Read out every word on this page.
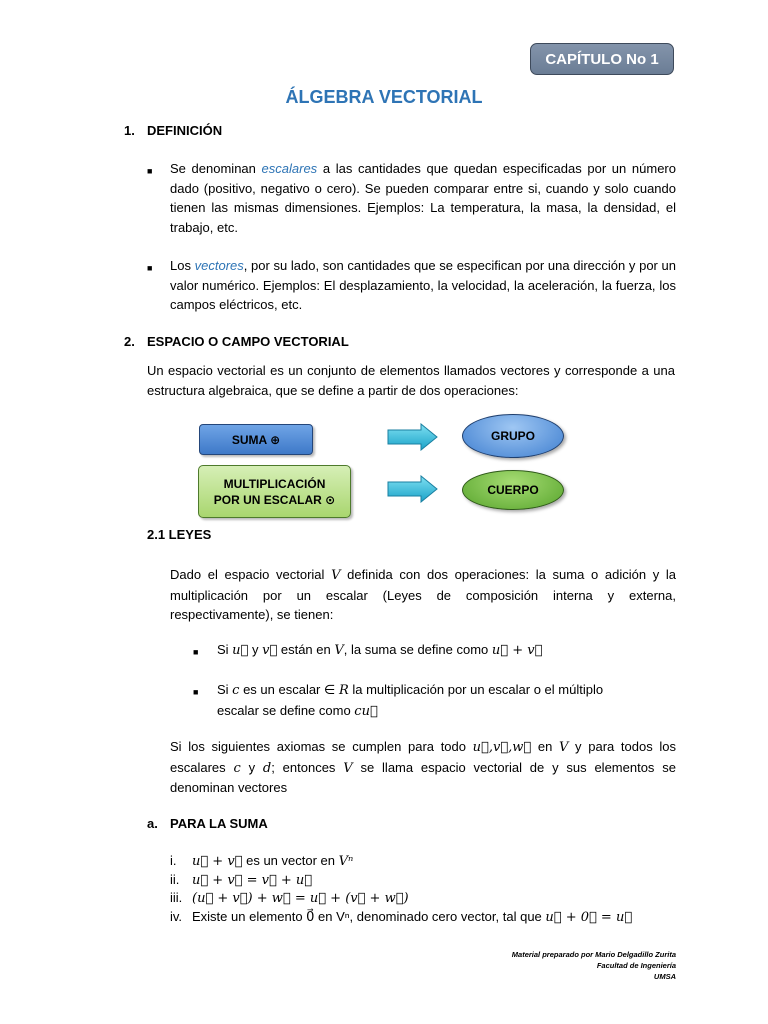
CAPÍTULO No 1
ÁLGEBRA VECTORIAL
1. DEFINICIÓN
■ Se denominan escalares a las cantidades que quedan especificadas por un número dado (positivo, negativo o cero). Se pueden comparar entre si, cuando y solo cuando tienen las mismas dimensiones. Ejemplos: La temperatura, la masa, la densidad, el trabajo, etc.
■ Los vectores, por su lado, son cantidades que se especifican por una dirección y por un valor numérico. Ejemplos: El desplazamiento, la velocidad, la aceleración, la fuerza, los campos eléctricos, etc.
2. ESPACIO O CAMPO VECTORIAL
Un espacio vectorial es un conjunto de elementos llamados vectores y corresponde a una estructura algebraica, que se define a partir de dos operaciones:
SUMA ⊕
MULTIPLICACIÓN
POR UN ESCALAR ⊙
GRUPO
CUERPO
2.1 LEYES
Dado el espacio vectorial V definida con dos operaciones: la suma o adición y la multiplicación por un escalar (Leyes de composición interna y externa, respectivamente), se tienen:
■ Si u⃗ y v⃗ están en V, la suma se define como u⃗ + v⃗
■ Si c es un escalar ∈ R la multiplicación por un escalar o el múltiplo escalar se define como cu⃗
Si los siguientes axiomas se cumplen para todo u⃗,v⃗,w⃗ en V y para todos los escalares c y d; entonces V se llama espacio vectorial de y sus elementos se denominan vectores
a. PARA LA SUMA
i. u⃗ + v⃗ es un vector en Vⁿ
ii. u⃗ + v⃗ = v⃗ + u⃗
iii. (u⃗ + v⃗) + w⃗ = u⃗ + (v⃗ + w⃗)
iv. Existe un elemento 0⃗ en Vⁿ, denominado cero vector, tal que u⃗ + 0⃗ = u⃗
Material preparado por Mario Delgadillo Zurita
Facultad de Ingeniería
UMSA
